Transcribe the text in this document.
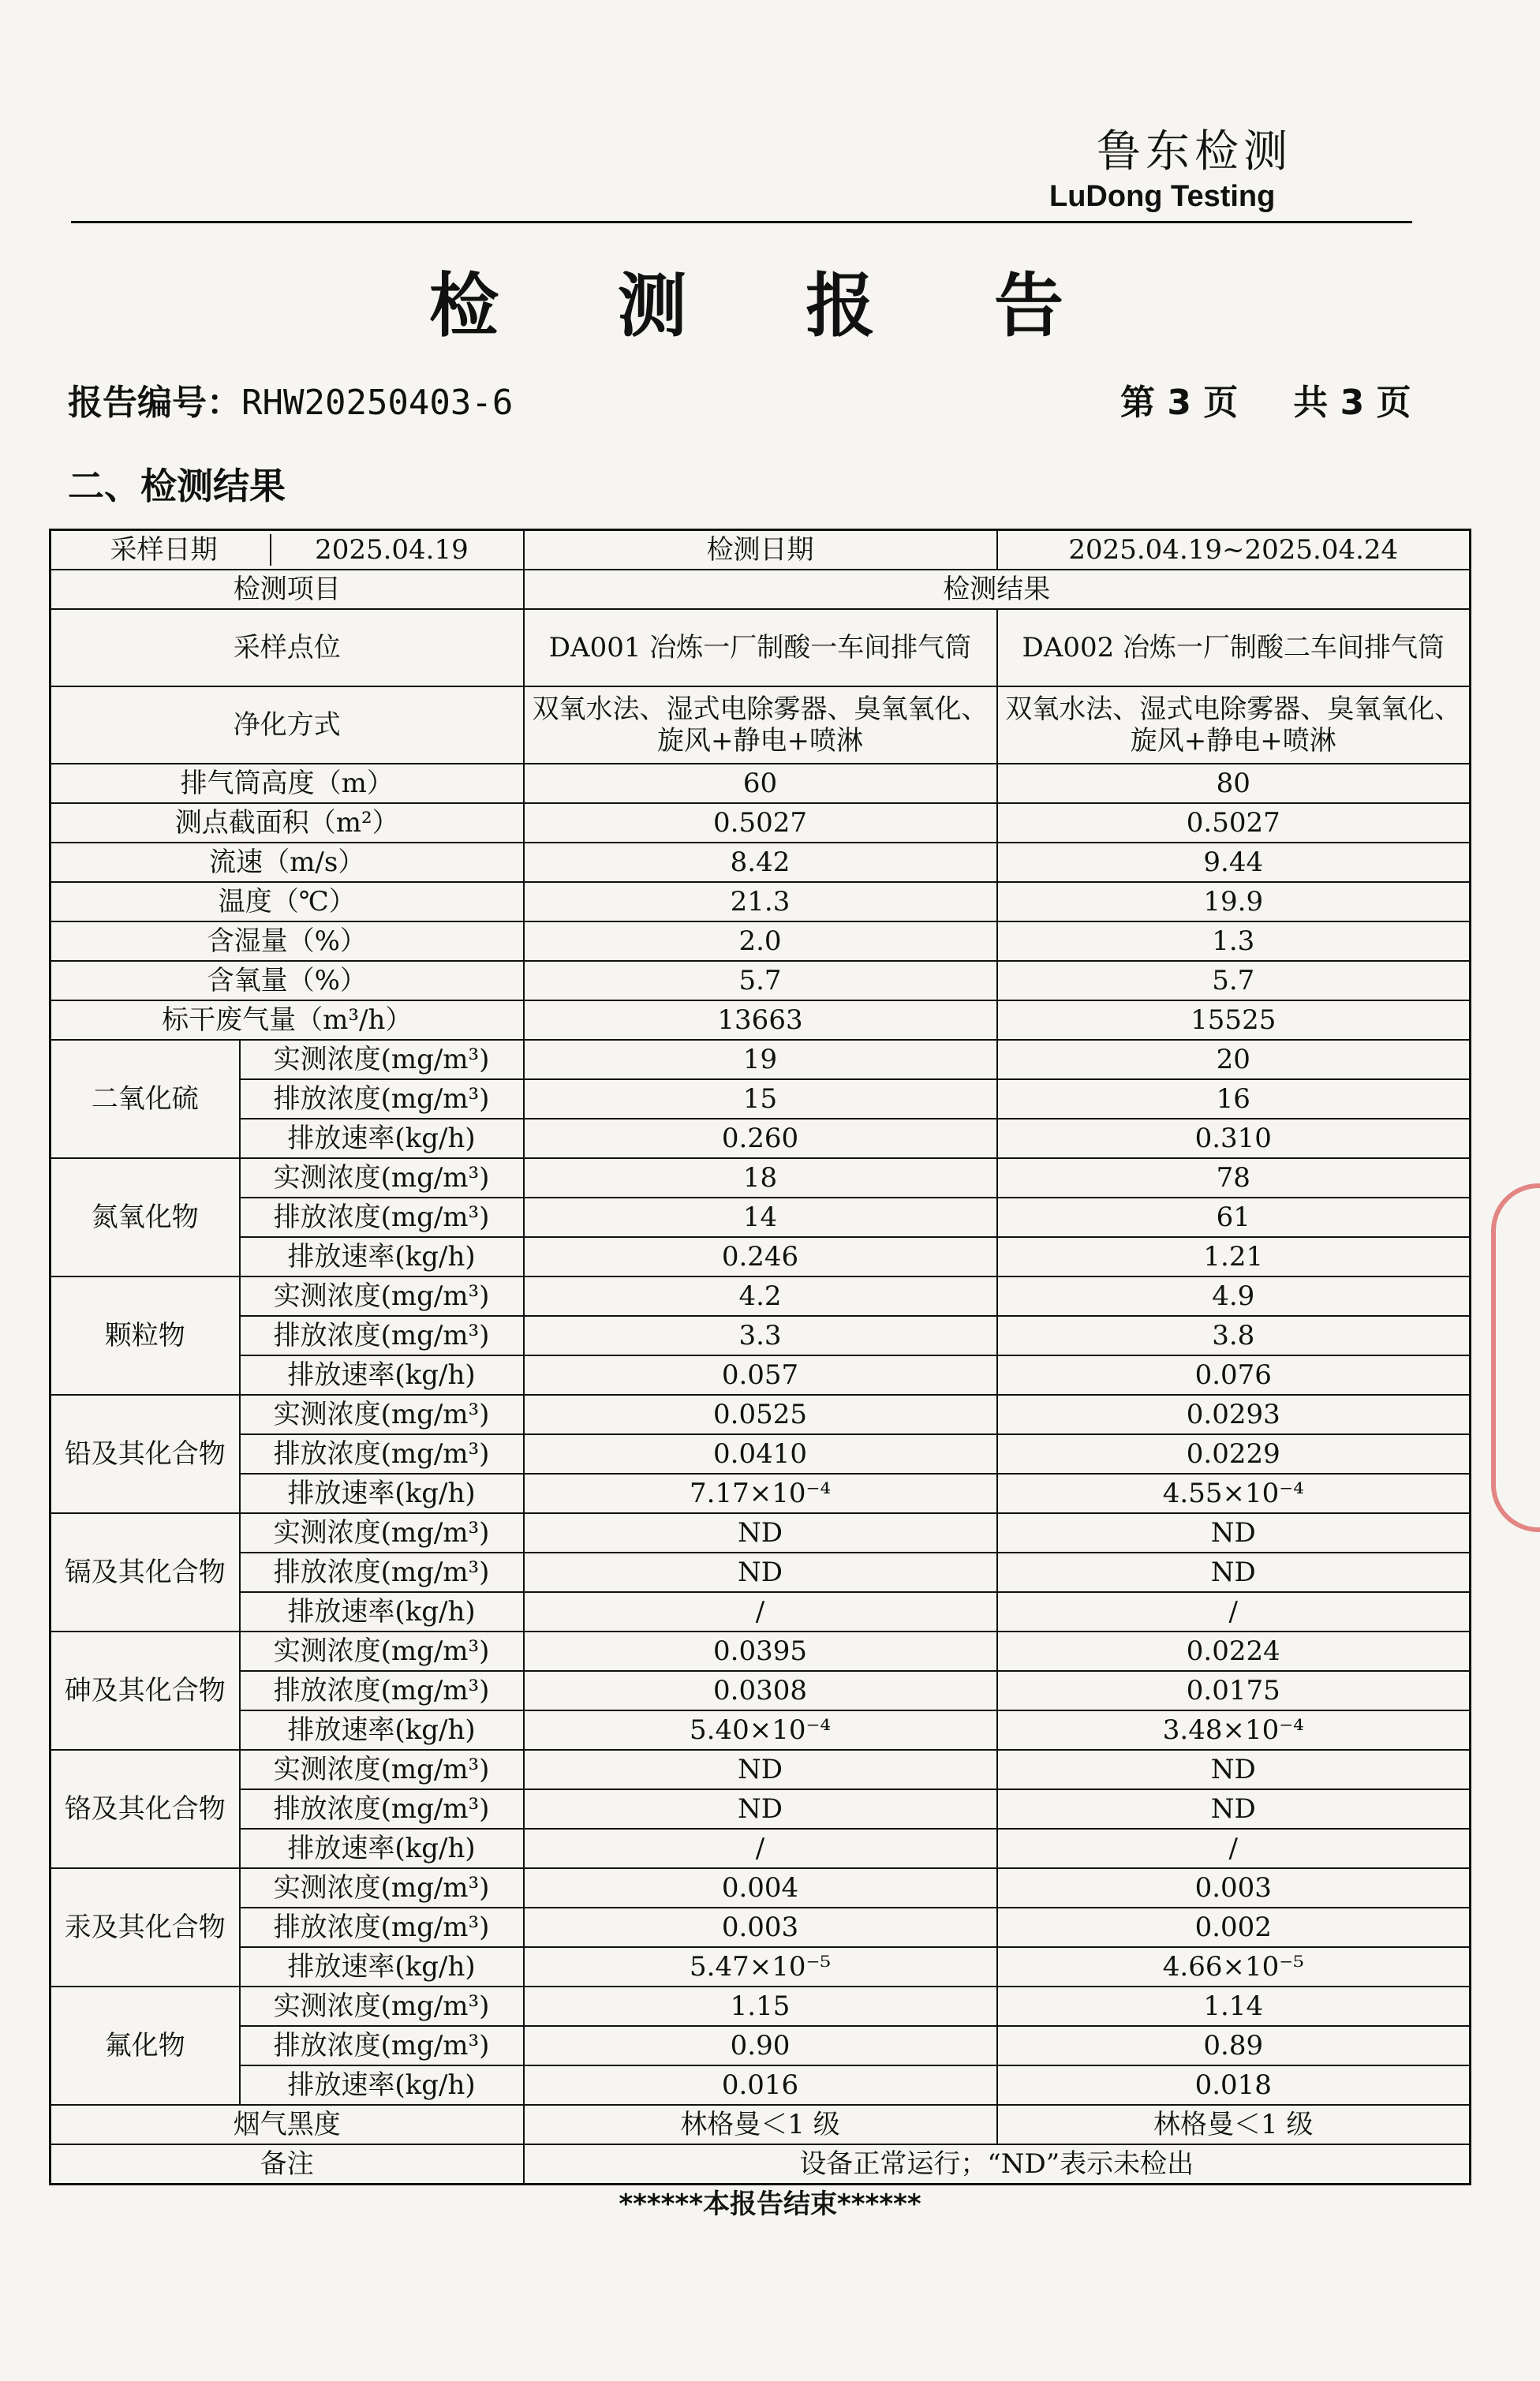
鲁东检测
LuDong Testing
检 测 报 告
报告编号：RHW20250403-6	第 3 页 共 3 页
二、检测结果
采样日期 2025.04.19		检测日期	2025.04.19~2025.04.24
检测项目		检测结果	
采样点位		DA001 冶炼一厂制酸一车间排气筒	DA002 冶炼一厂制酸二车间排气筒
净化方式		双氧水法、湿式电除雾器、臭氧氧化、旋风+静电+喷淋	双氧水法、湿式电除雾器、臭氧氧化、旋风+静电+喷淋
排气筒高度（m）		60	80
测点截面积（m²）		0.5027	0.5027
流速（m/s）		8.42	9.44
温度（℃）		21.3	19.9
含湿量（%）		2.0	1.3
含氧量（%）		5.7	5.7
标干废气量（m³/h）		13663	15525
二氧化硫	实测浓度(mg/m³)	19	20
	排放浓度(mg/m³)	15	16
	排放速率(kg/h)	0.260	0.310
氮氧化物	实测浓度(mg/m³)	18	78
	排放浓度(mg/m³)	14	61
	排放速率(kg/h)	0.246	1.21
颗粒物	实测浓度(mg/m³)	4.2	4.9
	排放浓度(mg/m³)	3.3	3.8
	排放速率(kg/h)	0.057	0.076
铅及其化合物	实测浓度(mg/m³)	0.0525	0.0293
	排放浓度(mg/m³)	0.0410	0.0229
	排放速率(kg/h)	7.17×10⁻⁴	4.55×10⁻⁴
镉及其化合物	实测浓度(mg/m³)	ND	ND
	排放浓度(mg/m³)	ND	ND
	排放速率(kg/h)	/	/
砷及其化合物	实测浓度(mg/m³)	0.0395	0.0224
	排放浓度(mg/m³)	0.0308	0.0175
	排放速率(kg/h)	5.40×10⁻⁴	3.48×10⁻⁴
铬及其化合物	实测浓度(mg/m³)	ND	ND
	排放浓度(mg/m³)	ND	ND
	排放速率(kg/h)	/	/
汞及其化合物	实测浓度(mg/m³)	0.004	0.003
	排放浓度(mg/m³)	0.003	0.002
	排放速率(kg/h)	5.47×10⁻⁵	4.66×10⁻⁵
氟化物	实测浓度(mg/m³)	1.15	1.14
	排放浓度(mg/m³)	0.90	0.89
	排放速率(kg/h)	0.016	0.018
烟气黑度		林格曼＜1 级	林格曼＜1 级
备注		设备正常运行；“ND”表示未检出	
******本报告结束******
